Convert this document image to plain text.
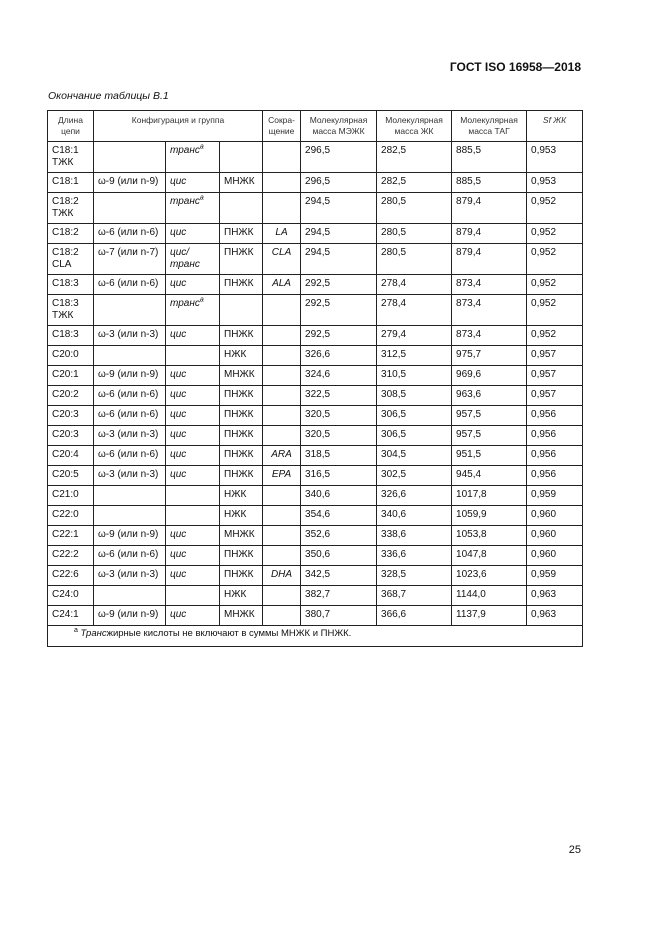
ГОСТ ISO 16958—2018
Окончание таблицы В.1
Длина цепи	Конфигурация и группа			Сокра-щение	Молекулярная масса МЭЖК	Молекулярная масса ЖК	Молекулярная масса ТАГ	Sf ЖК
C18:1 ТЖК		транс$^a$			296,5	282,5	885,5	0,953
C18:1	ω-9 (или n-9)	цис	МНЖК		296,5	282,5	885,5	0,953
C18:2 ТЖК		транс$^a$			294,5	280,5	879,4	0,952
C18:2	ω-6 (или n-6)	цис	ПНЖК	LA	294,5	280,5	879,4	0,952
C18:2 CLA	ω-7 (или n-7)	цис/ транс	ПНЖК	CLA	294,5	280,5	879,4	0,952
C18:3	ω-6 (или n-6)	цис	ПНЖК	ALA	292,5	278,4	873,4	0,952
C18:3 ТЖК		транс$^a$			292,5	278,4	873,4	0,952
C18:3	ω-3 (или n-3)	цис	ПНЖК		292,5	279,4	873,4	0,952
C20:0			НЖК		326,6	312,5	975,7	0,957
C20:1	ω-9 (или n-9)	цис	МНЖК		324,6	310,5	969,6	0,957
C20:2	ω-6 (или n-6)	цис	ПНЖК		322,5	308,5	963,6	0,957
C20:3	ω-6 (или n-6)	цис	ПНЖК		320,5	306,5	957,5	0,956
C20:3	ω-3 (или n-3)	цис	ПНЖК		320,5	306,5	957,5	0,956
C20:4	ω-6 (или n-6)	цис	ПНЖК	ARA	318,5	304,5	951,5	0,956
C20:5	ω-3 (или n-3)	цис	ПНЖК	EPA	316,5	302,5	945,4	0,956
C21:0			НЖК		340,6	326,6	1017,8	0,959
C22:0			НЖК		354,6	340,6	1059,9	0,960
C22:1	ω-9 (или n-9)	цис	МНЖК		352,6	338,6	1053,8	0,960
C22:2	ω-6 (или n-6)	цис	ПНЖК		350,6	336,6	1047,8	0,960
C22:6	ω-3 (или n-3)	цис	ПНЖК	DHA	342,5	328,5	1023,6	0,959
C24:0			НЖК		382,7	368,7	1144,0	0,963
C24:1	ω-9 (или n-9)	цис	МНЖК		380,7	366,6	1137,9	0,963
$^a$ Трансжирные кислоты не включают в суммы МНЖК и ПНЖК.								
25
